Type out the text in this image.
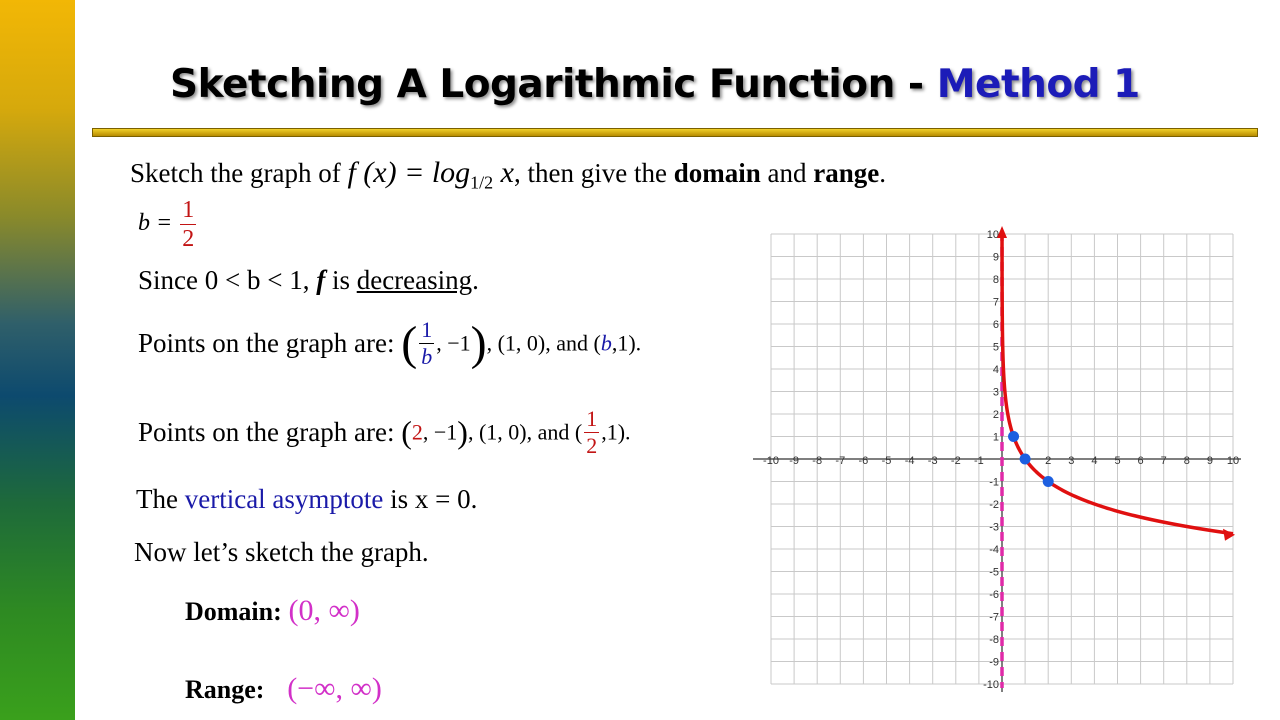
Sketching A Logarithmic Function - Method 1
Sketch the graph of f $(x) = \log_{1/2} x$, then give the domain and range.
$b = \frac{1}{2}$
Since 0 < b < 1, f is decreasing.
Points on the graph are: ( $\frac{1}{b}$ , −1), (1, 0), and (b,1).
Points on the graph are: (2, −1), (1, 0), and ( $\frac{1}{2} ,1$).
The vertical asymptote is x = 0.
Now let’s sketch the graph.
Domain: (0, ∞)
Range: (−∞, ∞)
-10 -9 -8 -7 -6 -5 -4 -3 -2 -1	2 3 4 5 6 7 8 9 10
10
9
8
7
6
5
4
3
2
1
-1
-2
-3
-4
-5
-6
-7
-8
-9
-10
